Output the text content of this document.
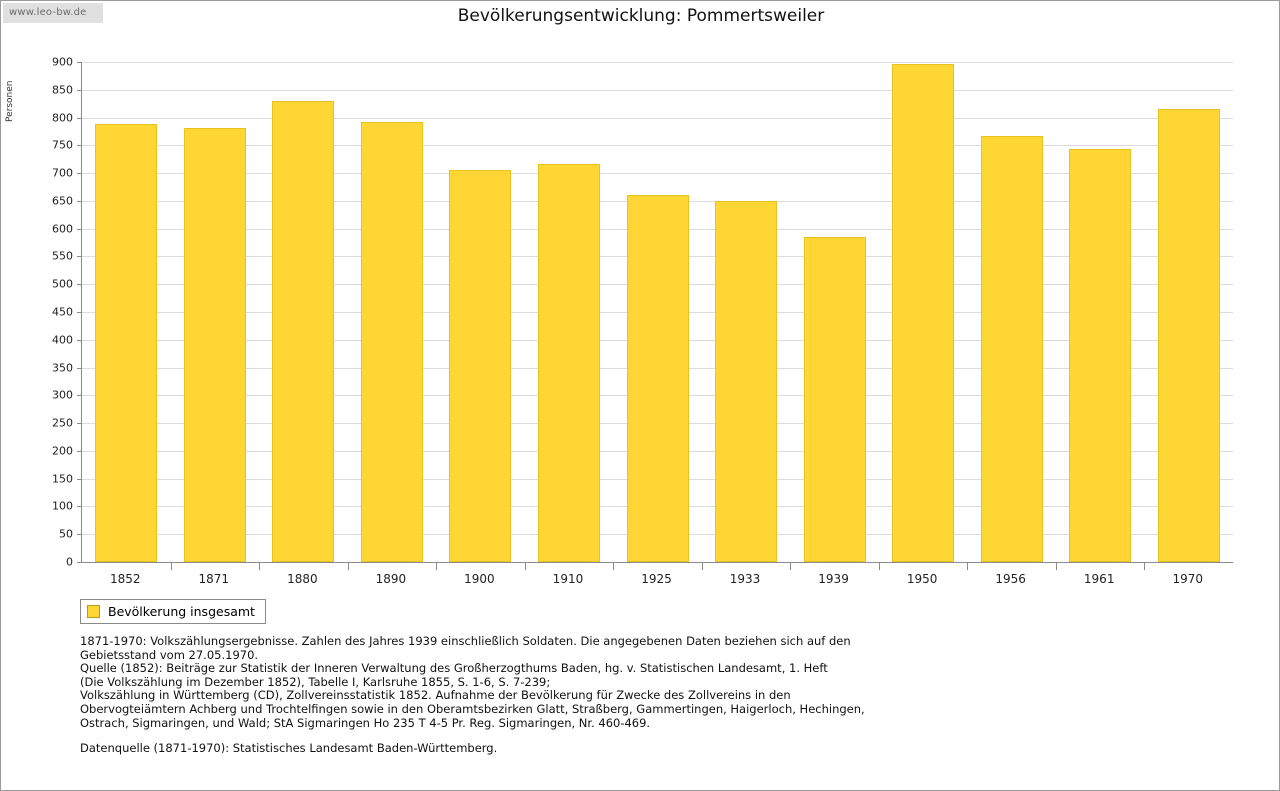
www.leo-bw.de	Bevölkerungsentwicklung: Pommertsweiler
Personen
Bevölkerung insgesamt

1871-1970: Volkszählungsergebnisse. Zahlen des Jahres 1939 einschließlich Soldaten. Die angegebenen Daten beziehen sich auf den

Gebietsstand vom 27.05.1970.

Quelle (1852): Beiträge zur Statistik der Inneren Verwaltung des Großherzogthums Baden, hg. v. Statistischen Landesamt, 1. Heft

(Die Volkszählung im Dezember 1852), Tabelle I, Karlsruhe 1855, S. 1-6, S. 7-239;

Volkszählung in Württemberg (CD), Zollvereinsstatistik 1852. Aufnahme der Bevölkerung für Zwecke des Zollvereins in den

Obervogteiämtern Achberg und Trochtelfingen sowie in den Oberamtsbezirken Glatt, Straßberg, Gammertingen, Haigerloch, Hechingen,

Ostrach, Sigmaringen, und Wald; StA Sigmaringen Ho 235 T 4-5 Pr. Reg. Sigmaringen, Nr. 460-469.

Datenquelle (1871-1970): Statistisches Landesamt Baden-Württemberg.

0
50
100
150
200
250
300
350
400
450
500
550
600
650
700
750
800
850
900
1852	1871	1880	1890	1900	1910	1925	1933	1939	1950	1956	1961	1970
